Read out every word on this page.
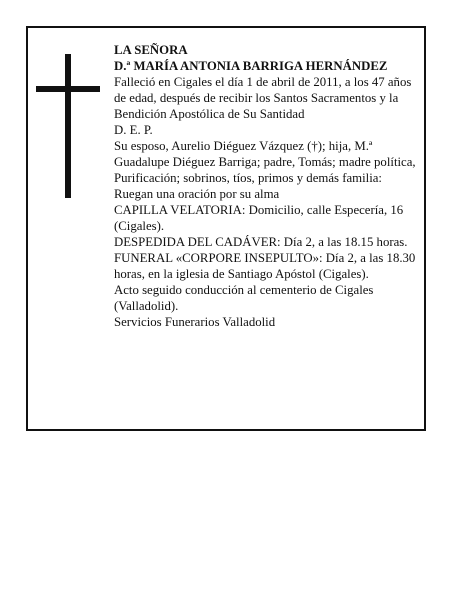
LA SEÑORA

D.ª MARÍA ANTONIA BARRIGA HERNÁNDEZ

Falleció en Cigales el día 1 de abril de 2011, a los 47 años de edad, después de recibir los Santos Sacramentos y la Bendición Apostólica de Su Santidad

D. E. P.

Su esposo, Aurelio Diéguez Vázquez (†); hija, M.ª Guadalupe Diéguez Barriga; padre, Tomás; madre política, Purificación; sobrinos, tíos, primos y demás familia:

Ruegan una oración por su alma

CAPILLA VELATORIA: Domicilio, calle Especería, 16 (Cigales).

DESPEDIDA DEL CADÁVER: Día 2, a las 18.15 horas.

FUNERAL «CORPORE INSEPULTO»: Día 2, a las 18.30 horas, en la iglesia de Santiago Apóstol (Cigales).

Acto seguido conducción al cementerio de Cigales (Valladolid).

Servicios Funerarios Valladolid
